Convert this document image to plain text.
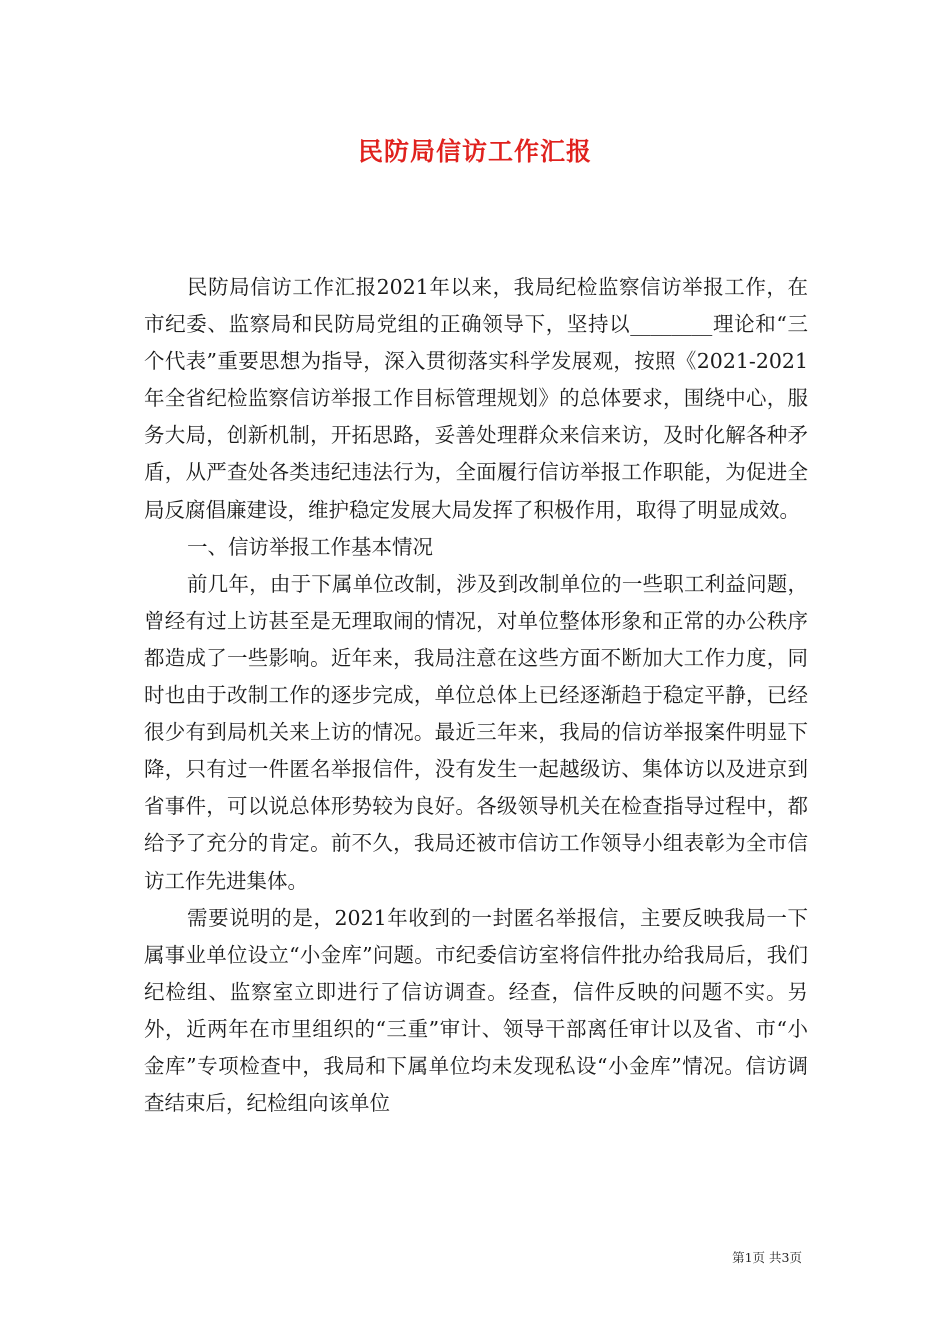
民防局信访工作汇报

民防局信访工作汇报2021年以来，我局纪检监察信访举报工作，在市纪委、监察局和民防局党组的正确领导下，坚持以________理论和“三个代表”重要思想为指导，深入贯彻落实科学发展观，按照《2021-2021年全省纪检监察信访举报工作目标管理规划》的总体要求，围绕中心，服务大局，创新机制，开拓思路，妥善处理群众来信来访，及时化解各种矛盾，从严查处各类违纪违法行为，全面履行信访举报工作职能，为促进全局反腐倡廉建设，维护稳定发展大局发挥了积极作用，取得了明显成效。

一、信访举报工作基本情况

前几年，由于下属单位改制，涉及到改制单位的一些职工利益问题，曾经有过上访甚至是无理取闹的情况，对单位整体形象和正常的办公秩序都造成了一些影响。近年来，我局注意在这些方面不断加大工作力度，同时也由于改制工作的逐步完成，单位总体上已经逐渐趋于稳定平静，已经很少有到局机关来上访的情况。最近三年来，我局的信访举报案件明显下降，只有过一件匿名举报信件，没有发生一起越级访、集体访以及进京到省事件，可以说总体形势较为良好。各级领导机关在检查指导过程中，都给予了充分的肯定。前不久，我局还被市信访工作领导小组表彰为全市信访工作先进集体。

需要说明的是，2021年收到的一封匿名举报信，主要反映我局一下属事业单位设立“小金库”问题。市纪委信访室将信件批办给我局后，我们纪检组、监察室立即进行了信访调查。经查，信件反映的问题不实。另外，近两年在市里组织的“三重”审计、领导干部离任审计以及省、市“小金库”专项检查中，我局和下属单位均未发现私设“小金库”情况。信访调查结束后，纪检组向该单位

第1页 共3页
